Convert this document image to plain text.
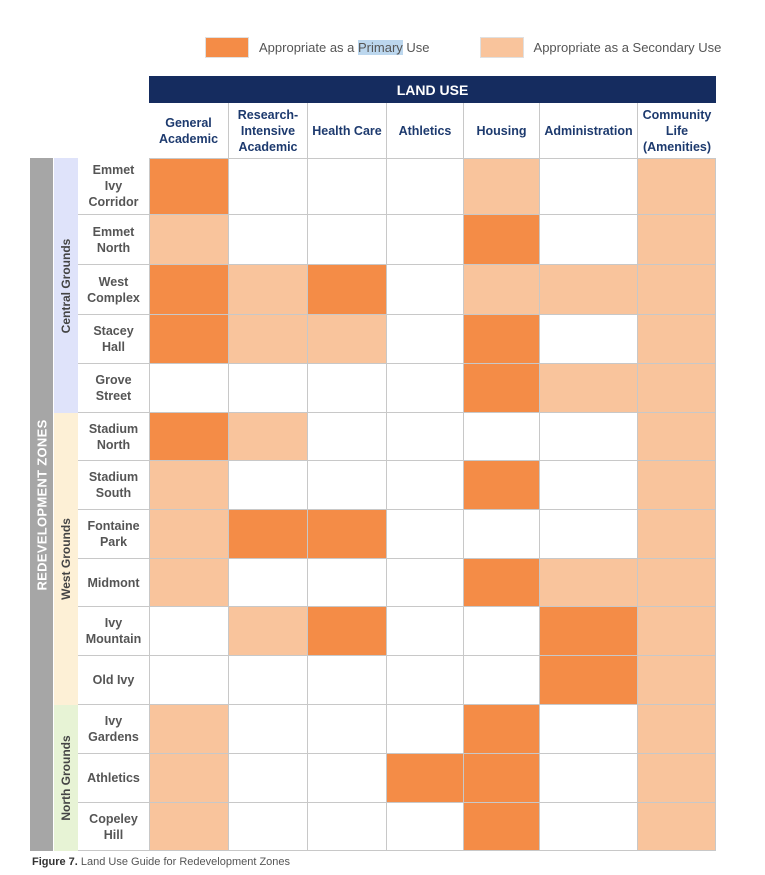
Appropriate as a Primary Use	Appropriate as a Secondary Use
LAND USE
General
Academic
Research-
Intensive
Academic
Health Care Athletics Housing Administration
Community
Life
(Amenities)
REDEVELOPMENT ZONES
Central Grounds
West Grounds
North Grounds
Emmet
Ivy
Corridor
Emmet
North
West
Complex
Stacey
Hall
Grove
Street
Stadium
North
Stadium
South
Fontaine
Park
Midmont
Ivy
Mountain
Old Ivy
Ivy
Gardens
Athletics
Copeley
Hill
Figure 7. Land Use Guide for Redevelopment Zones
